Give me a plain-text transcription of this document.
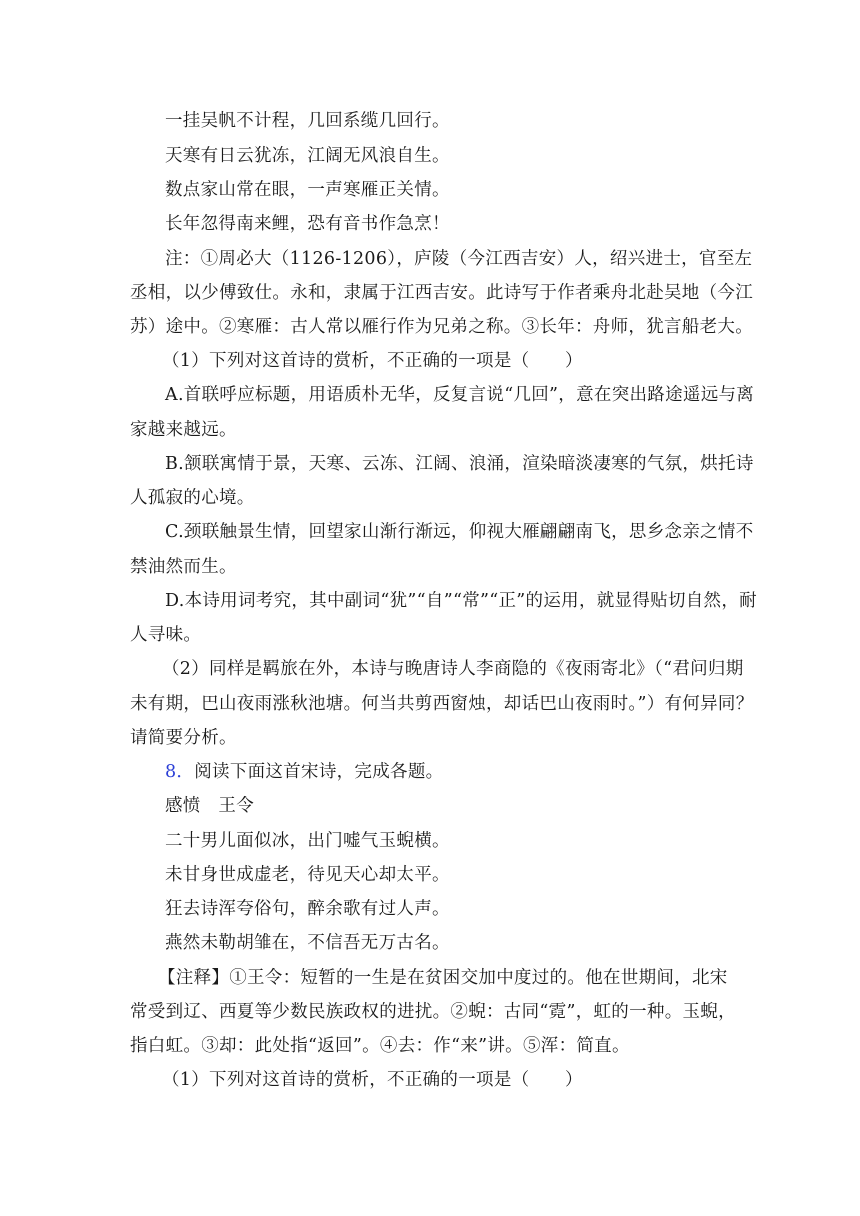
一挂吴帆不计程，几回系缆几回行。
天寒有日云犹冻，江阔无风浪自生。
数点家山常在眼，一声寒雁正关情。
长年忽得南来鲤，恐有音书作急烹！
注：①周必大（1126-1206），庐陵（今江西吉安）人，绍兴进士，官至左
丞相，以少傅致仕。永和，隶属于江西吉安。此诗写于作者乘舟北赴吴地（今江
苏）途中。②寒雁：古人常以雁行作为兄弟之称。③长年：舟师，犹言船老大。
（1）下列对这首诗的赏析，不正确的一项是（　　）
A.首联呼应标题，用语质朴无华，反复言说“几回”，意在突出路途遥远与离
家越来越远。
B.颔联寓情于景，天寒、云冻、江阔、浪涌，渲染暗淡凄寒的气氛，烘托诗
人孤寂的心境。
C.颈联触景生情，回望家山渐行渐远，仰视大雁翩翩南飞，思乡念亲之情不
禁油然而生。
D.本诗用词考究，其中副词“犹”“自”“常”“正”的运用，就显得贴切自然，耐
人寻味。
（2）同样是羁旅在外，本诗与晚唐诗人李商隐的《夜雨寄北》（“君问归期
未有期，巴山夜雨涨秋池塘。何当共剪西窗烛，却话巴山夜雨时。”）有何异同？
请简要分析。
8．阅读下面这首宋诗，完成各题。
感愤　王令
二十男儿面似冰，出门嘘气玉蜺横。
未甘身世成虚老，待见天心却太平。
狂去诗浑夸俗句，醉余歌有过人声。
燕然未勒胡雏在，不信吾无万古名。
【注释】①王令：短暂的一生是在贫困交加中度过的。他在世期间，北宋
常受到辽、西夏等少数民族政权的进扰。②蜺：古同“霓”，虹的一种。玉蜺，
指白虹。③却：此处指“返回”。④去：作“来”讲。⑤浑：简直。
（1）下列对这首诗的赏析，不正确的一项是（　　）
